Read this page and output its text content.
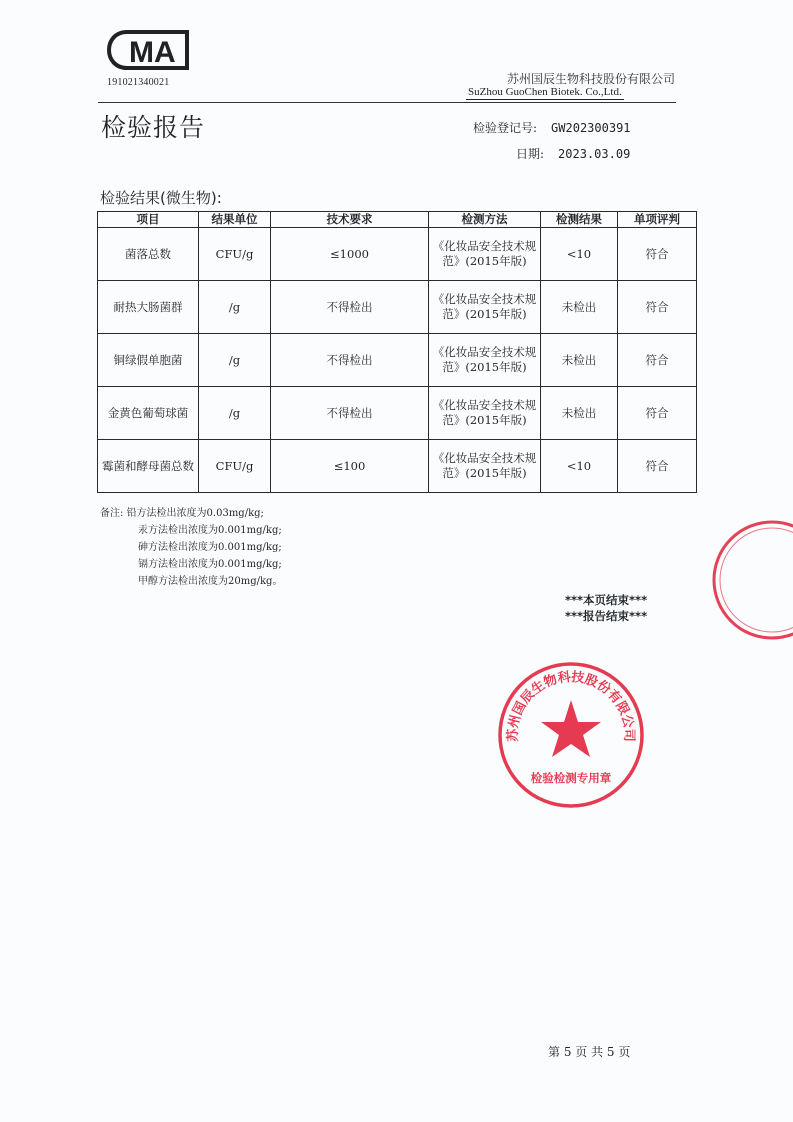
MA
191021340021	苏州国辰生物科技股份有限公司
SuZhou GuoChen Biotek. Co.,Ltd.
检验报告	检验登记号: GW202300391
日期: 2023.03.09
检验结果(微生物):
项目	结果单位	技术要求	检测方法	检测结果	单项评判
菌落总数	CFU/g	≤1000	《化妆品安全技术规范》(2015年版)	<10	符合
耐热大肠菌群	/g	不得检出	《化妆品安全技术规范》(2015年版)	未检出	符合
铜绿假单胞菌	/g	不得检出	《化妆品安全技术规范》(2015年版)	未检出	符合
金黄色葡萄球菌	/g	不得检出	《化妆品安全技术规范》(2015年版)	未检出	符合
霉菌和酵母菌总数	CFU/g	≤100	《化妆品安全技术规范》(2015年版)	<10	符合
备注: 铅方法检出浓度为0.03mg/kg;
汞方法检出浓度为0.001mg/kg;
砷方法检出浓度为0.001mg/kg;
镉方法检出浓度为0.001mg/kg;
甲醇方法检出浓度为20mg/kg。
***本页结束***
***报告结束***
苏州国辰生物科技股份有限公司
检验检测专用章
第 5 页 共 5 页
